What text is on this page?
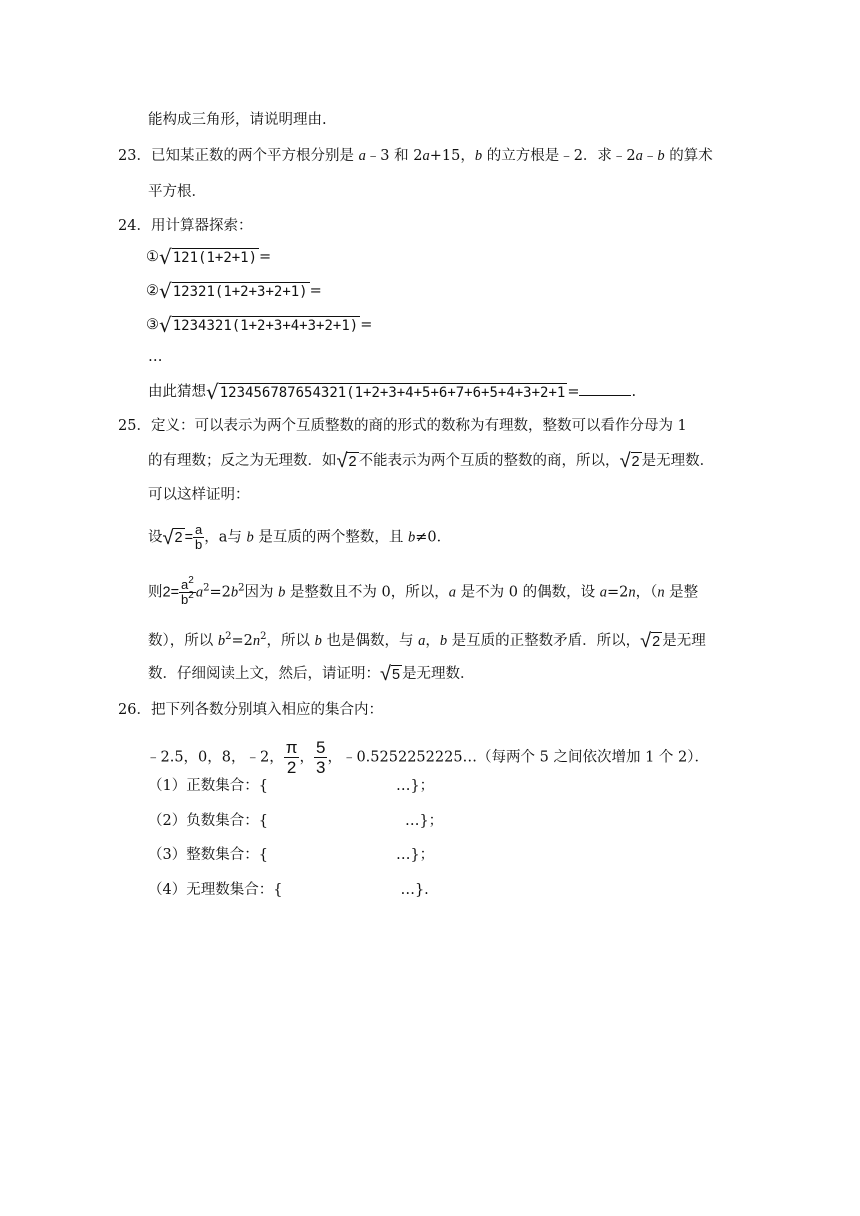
能构成三角形，请说明理由.
23．已知某正数的两个平方根分别是 a﹣3 和 2a+15，b 的立方根是﹣2．求﹣2a﹣b 的算术
平方根．
24．用计算器探索：
①√121(1+2+1) =
②√12321(1+2+3+2+1) =
③√1234321(1+2+3+4+3+2+1) =
…
由此猜想√123456787654321(1+2+3+4+5+6+7+6+5+4+3+2+1 =	.
25．定义：可以表示为两个互质整数的商的形式的数称为有理数，整数可以看作分母为 1
的有理数；反之为无理数．如√2 不能表示为两个互质的整数的商，所以，√2 是无理数．
可以这样证明：
设$√2 = \frac{a}{b}$ ，a与 b 是互质的两个整数，且 b≠0．
则$2= \frac{a^2}{b^2} a^2=2b^2$因为 b 是整数且不为 0，所以，a 是不为 0 的偶数，设 a=2n，（n 是整
数），所以 $b^2=2n^2$，所以 b 也是偶数，与 a，b 是互质的正整数矛盾．所以，√2 是无理
数．仔细阅读上文，然后，请证明：√5 是无理数．
26．把下列各数分别填入相应的集合内：
﹣2.5，0，8，﹣2， $\frac{\pi}{2}$ ， $\frac{5}{3}$ ，﹣0.5252252225…（每两个 5 之间依次增加 1 个 2）．
（1）正数集合：{	…}；
（2）负数集合：{	…}；
（3）整数集合：{	…}；
（4）无理数集合：{	…}.
